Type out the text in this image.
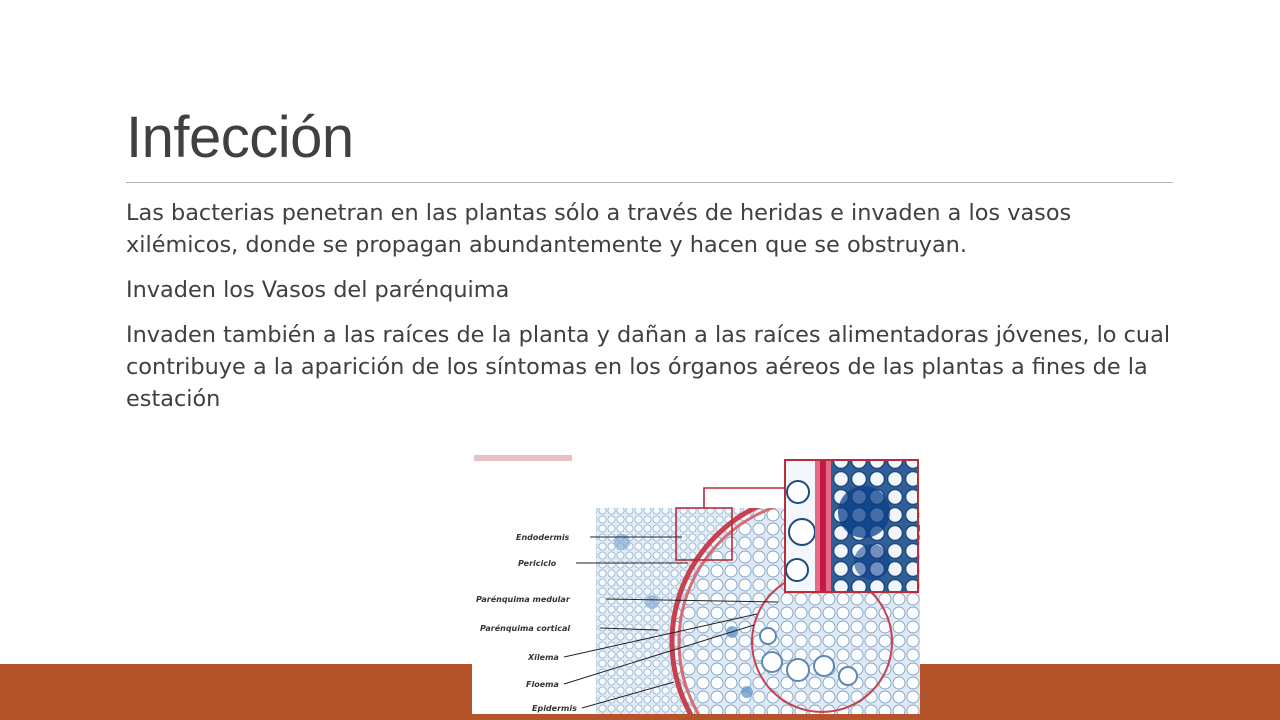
Infección

Las bacterias penetran en las plantas sólo a través de heridas e invaden a los vasos xilémicos, donde se propagan abundantemente y hacen que se obstruyan.

Invaden los Vasos del parénquima

Invaden también a las raíces de la planta y dañan a las raíces alimentadoras jóvenes, lo cual contribuye a la aparición de los síntomas en los órganos aéreos de las plantas a fines de la estación

Endodermis
Periciclo
Parénquima medular
Parénquima cortical
Xilema
Floema
Epidermis
